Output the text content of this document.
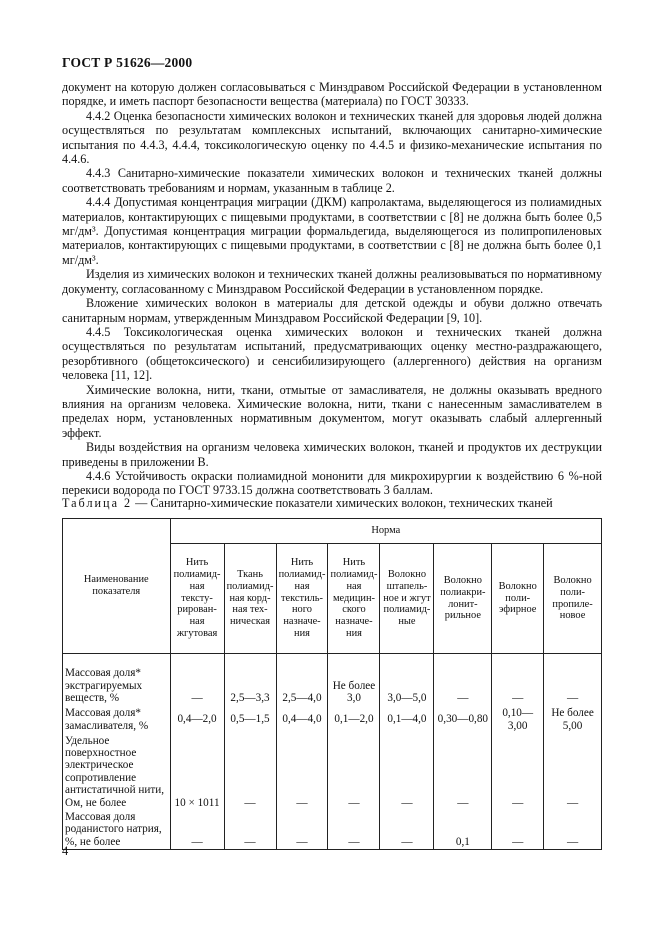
ГОСТ Р 51626—2000

документ на которую должен согласовываться с Минздравом Российской Федерации в установленном порядке, и иметь паспорт безопасности вещества (материала) по ГОСТ 30333.

4.4.2 Оценка безопасности химических волокон и технических тканей для здоровья людей должна осуществляться по результатам комплексных испытаний, включающих санитарно-химические испытания по 4.4.3, 4.4.4, токсикологическую оценку по 4.4.5 и физико-механические испытания по 4.4.6.

4.4.3 Санитарно-химические показатели химических волокон и технических тканей должны соответствовать требованиям и нормам, указанным в таблице 2.

4.4.4 Допустимая концентрация миграции (ДКМ) капролактама, выделяющегося из полиамидных материалов, контактирующих с пищевыми продуктами, в соответствии с [8] не должна быть более 0,5 мг/дм³. Допустимая концентрация миграции формальдегида, выделяющегося из полипропиленовых материалов, контактирующих с пищевыми продуктами, в соответствии с [8] не должна быть более 0,1 мг/дм³.

Изделия из химических волокон и технических тканей должны реализовываться по нормативному документу, согласованному с Минздравом Российской Федерации в установленном порядке.

Вложение химических волокон в материалы для детской одежды и обуви должно отвечать санитарным нормам, утвержденным Минздравом Российской Федерации [9, 10].

4.4.5 Токсикологическая оценка химических волокон и технических тканей должна осуществляться по результатам испытаний, предусматривающих оценку местно-раздражающего, резорбтивного (общетоксического) и сенсибилизирующего (аллергенного) действия на организм человека [11, 12].

Химические волокна, нити, ткани, отмытые от замасливателя, не должны оказывать вредного влияния на организм человека. Химические волокна, нити, ткани с нанесенным замасливателем в пределах норм, установленных нормативным документом, могут оказывать слабый аллергенный эффект.

Виды воздействия на организм человека химических волокон, тканей и продуктов их деструкции приведены в приложении В.

4.4.6 Устойчивость окраски полиамидной мононити для микрохирургии к воздействию 6 %-ной перекиси водорода по ГОСТ 9733.15 должна соответствовать 3 баллам.

Таблица 2 — Санитарно-химические показатели химических волокон, технических тканей
Наименование показателя	Норма							
	Нить полиамид-ная тексту-рирован-ная жгутовая	Ткань полиамид-ная корд-ная тех-ническая	Нить полиамид-ная текстиль-ного назначе-ния	Нить полиамид-ная медицин-ского назначе-ния	Волокно штапель-ное и жгут полиамид-ные	Волокно полиакри-лонит-рильное	Волокно поли-эфирное	Волокно поли-пропиле-новое
Массовая доля* экстрагируемых веществ, %	—	2,5—3,3	2,5—4,0	Не более 3,0	3,0—5,0	—	—	—
Массовая доля* замасливателя, %	0,4—2,0	0,5—1,5	0,4—4,0	0,1—2,0	0,1—4,0	0,30—0,80	0,10—3,00	Не более 5,00
Удельное поверхностное электрическое сопротивление антистатичной нити, Ом, не более	10 × 1011	—	—	—	—	—	—	—
Массовая доля роданистого натрия, %, не более	—	—	—	—	—	0,1	—	—
4
